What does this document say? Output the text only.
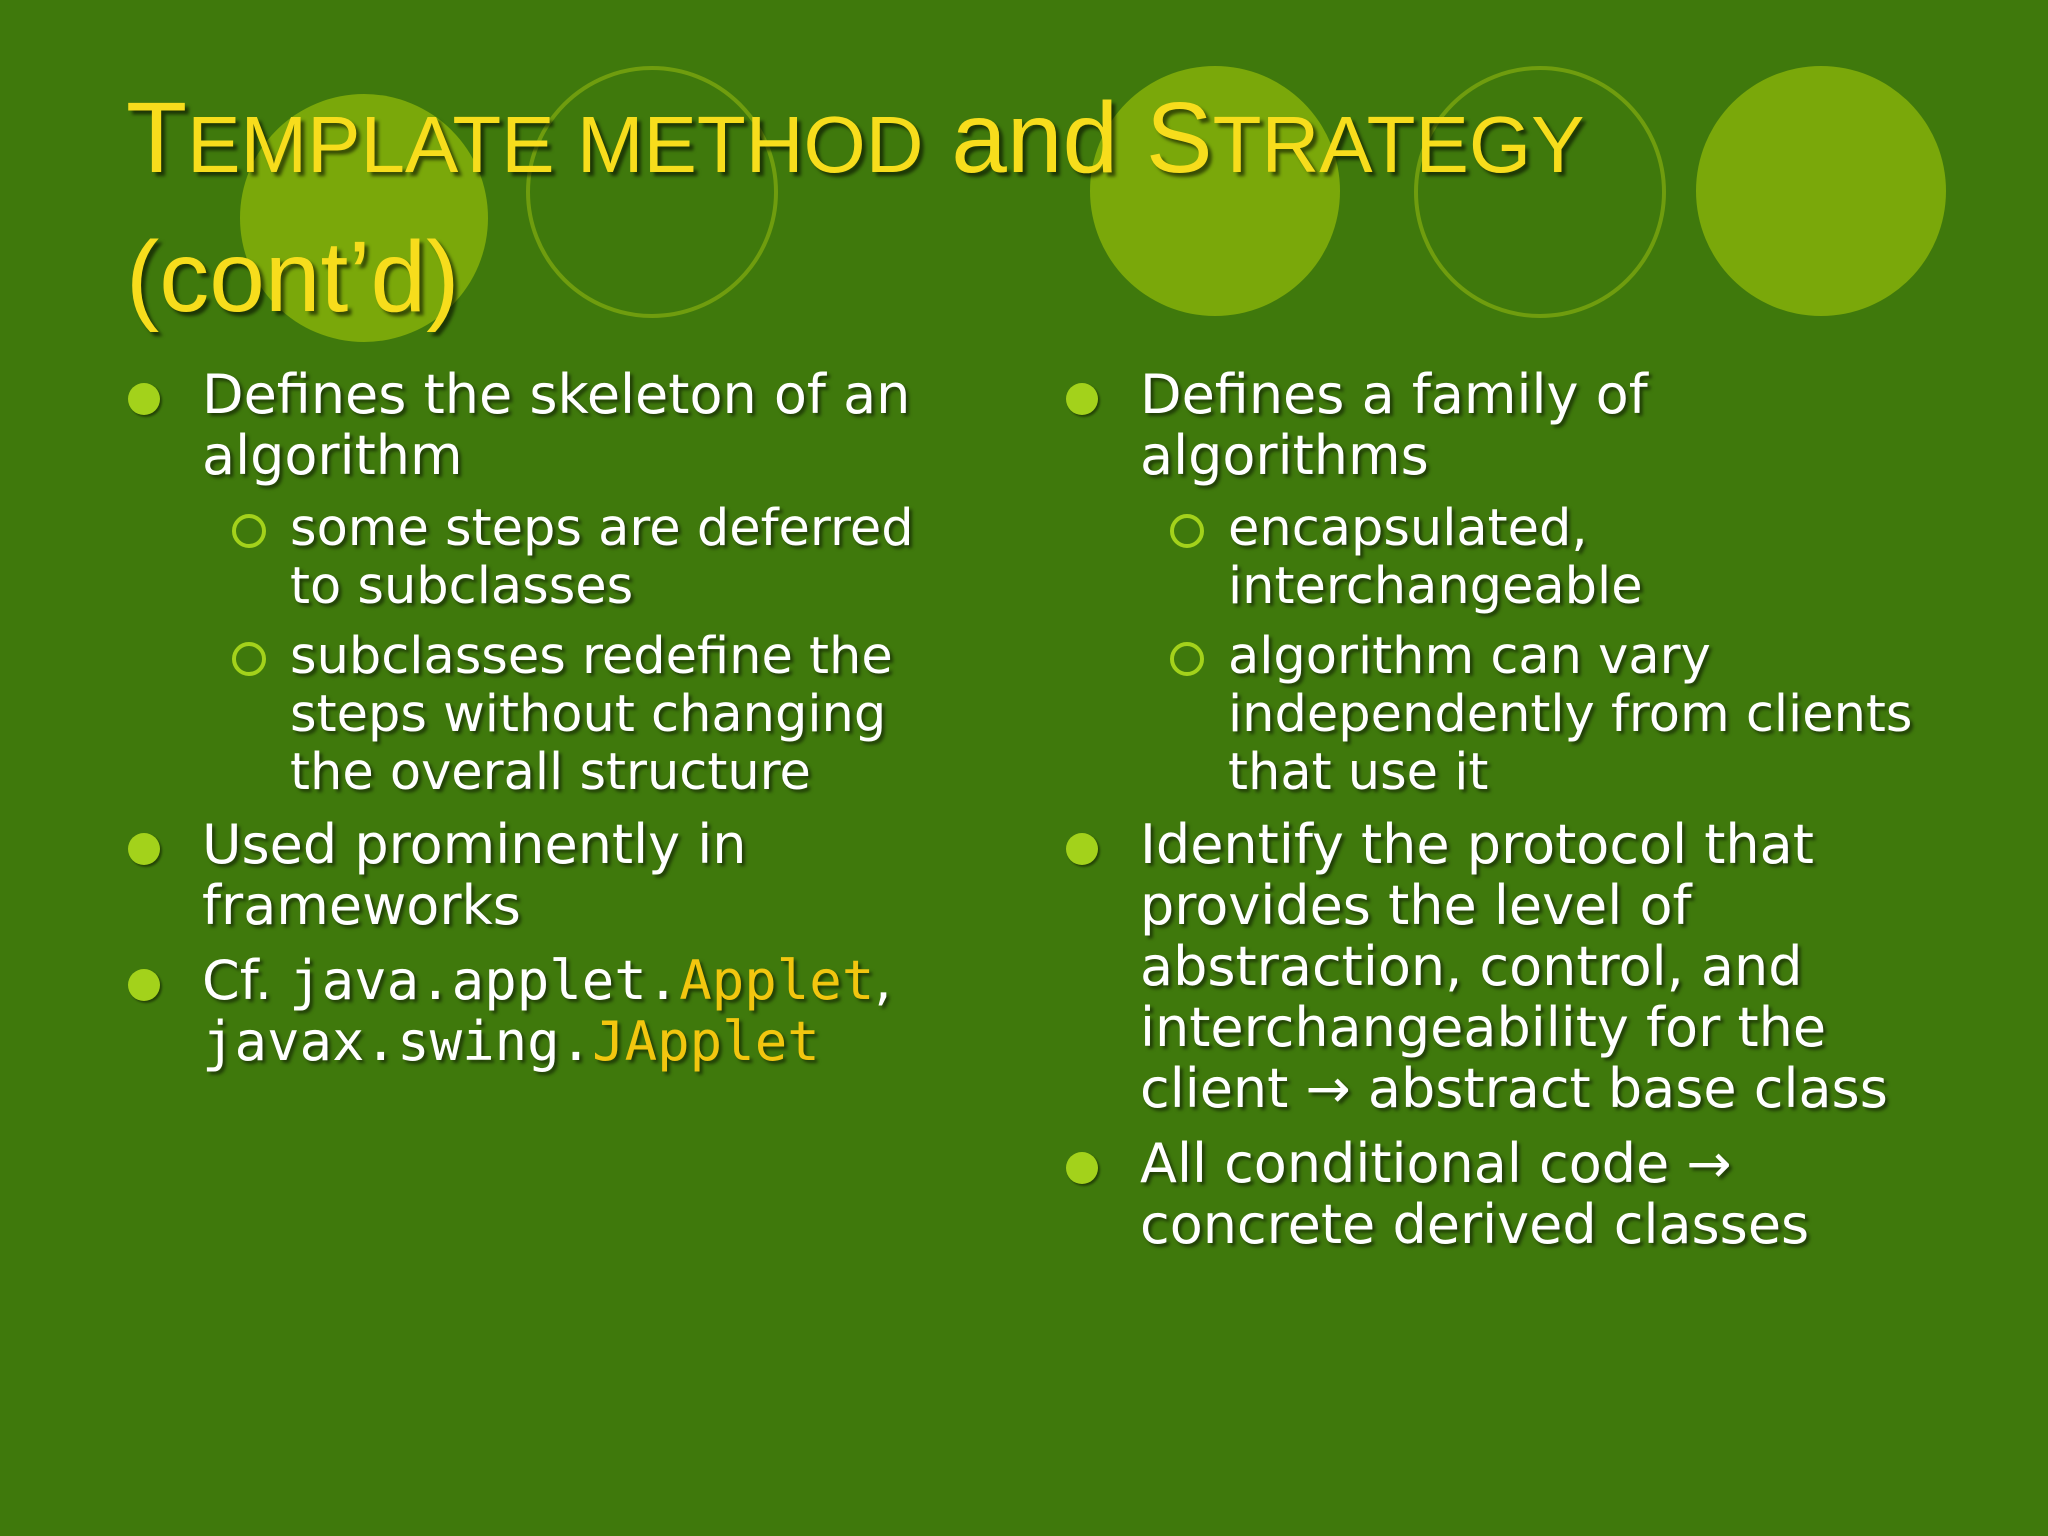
TEMPLATE METHOD and STRATEGY
(cont’d)
Defines the skeleton of an algorithm
some steps are deferred to subclasses
subclasses redefine the steps without changing the overall structure
Used prominently in frameworks
Cf. java.applet.Applet,
javax.swing.JApplet
Defines a family of algorithms
encapsulated, interchangeable
algorithm can vary independently from clients that use it
Identify the protocol that provides the level of abstraction, control, and interchangeability for the client → abstract base class
All conditional code → concrete derived classes
